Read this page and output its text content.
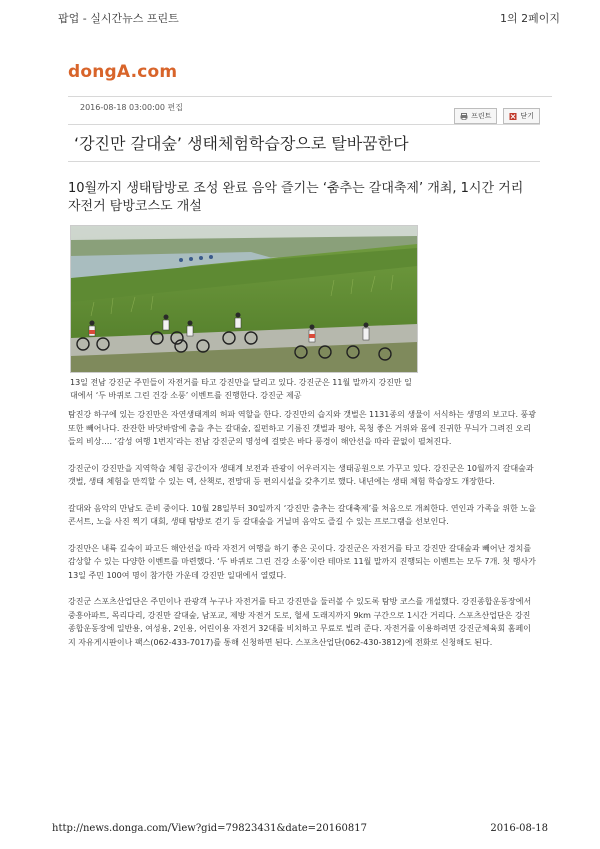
팝업 - 실시간뉴스 프린트	1의 2페이지
dongA.com
2016-08-18 03:00:00 편집
프린트	닫기
‘강진만 갈대숲’ 생태체험학습장으로 탈바꿈한다
10월까지 생태탐방로 조성 완료 음악 즐기는 ‘춤추는 갈대축제’ 개최, 1시간 거리 자전거 탐방코스도 개설
13일 전남 강진군 주민들이 자전거를 타고 강진만을 달리고 있다. 강진군은 11월 말까지 강진만 일대에서 ‘두 바퀴로 그린 건강 소풍’ 이벤트를 진행한다. 강진군 제공

탐진강 하구에 있는 강진만은 자연생태계의 허파 역할을 한다. 강진만의 습지와 갯벌은 1131종의 생물이 서식하는 생명의 보고다. 풍광 또한 빼어나다. 잔잔한 바닷바람에 춤을 추는 갈대숲, 질펀하고 기름진 갯벌과 평야, 목청 좋은 거위와 몸에 진귀한 무늬가 그려진 오리들의 비상…. ‘감성 여행 1번지’라는 전남 강진군의 명성에 걸맞은 바다 풍경이 해안선을 따라 끝없이 펼쳐진다.

강진군이 강진만을 지역학습 체험 공간이자 생태계 보전과 관광이 어우러지는 생태공원으로 가꾸고 있다. 강진군은 10월까지 갈대숲과 갯벌, 생태 체험을 만끽할 수 있는 덱, 산책로, 전망대 등 편의시설을 갖추기로 했다. 내년에는 생태 체험 학습장도 개장한다.

갈대와 음악의 만남도 준비 중이다. 10월 28일부터 30일까지 ‘강진만 춤추는 갈대축제’를 처음으로 개최한다. 연인과 가족을 위한 노을 콘서트, 노을 사진 찍기 대회, 생태 탐방로 걷기 등 갈대숲을 거닐며 음악도 즐길 수 있는 프로그램을 선보인다.

강진만은 내륙 깊숙이 파고든 해안선을 따라 자전거 여행을 하기 좋은 곳이다. 강진군은 자전거를 타고 강진만 갈대숲과 빼어난 경치를 감상할 수 있는 다양한 이벤트를 마련했다. ‘두 바퀴로 그린 건강 소풍’이란 테마로 11월 말까지 진행되는 이벤트는 모두 7개. 첫 행사가 13일 주민 100여 명이 참가한 가운데 강진만 일대에서 열렸다.

강진군 스포츠산업단은 주민이나 관광객 누구나 자전거를 타고 강진만을 둘러볼 수 있도록 탐방 코스를 개설했다. 강진종합운동장에서 중흥아파트, 목리다리, 강진만 갈대숲, 남포교, 제방 자전거 도로, 혈세 도래지까지 9km 구간으로 1시간 거리다. 스포츠산업단은 강진종합운동장에 일반용, 여성용, 2인용, 어린이용 자전거 32대를 비치하고 무료로 빌려 준다. 자전거를 이용하려면 강진군체육회 홈페이지 자유게시판이나 팩스(062-433-7017)를 통해 신청하면 된다. 스포츠산업단(062-430-3812)에 전화로 신청해도 된다.

http://news.donga.com/View?gid=79823431&date=20160817	2016-08-18
